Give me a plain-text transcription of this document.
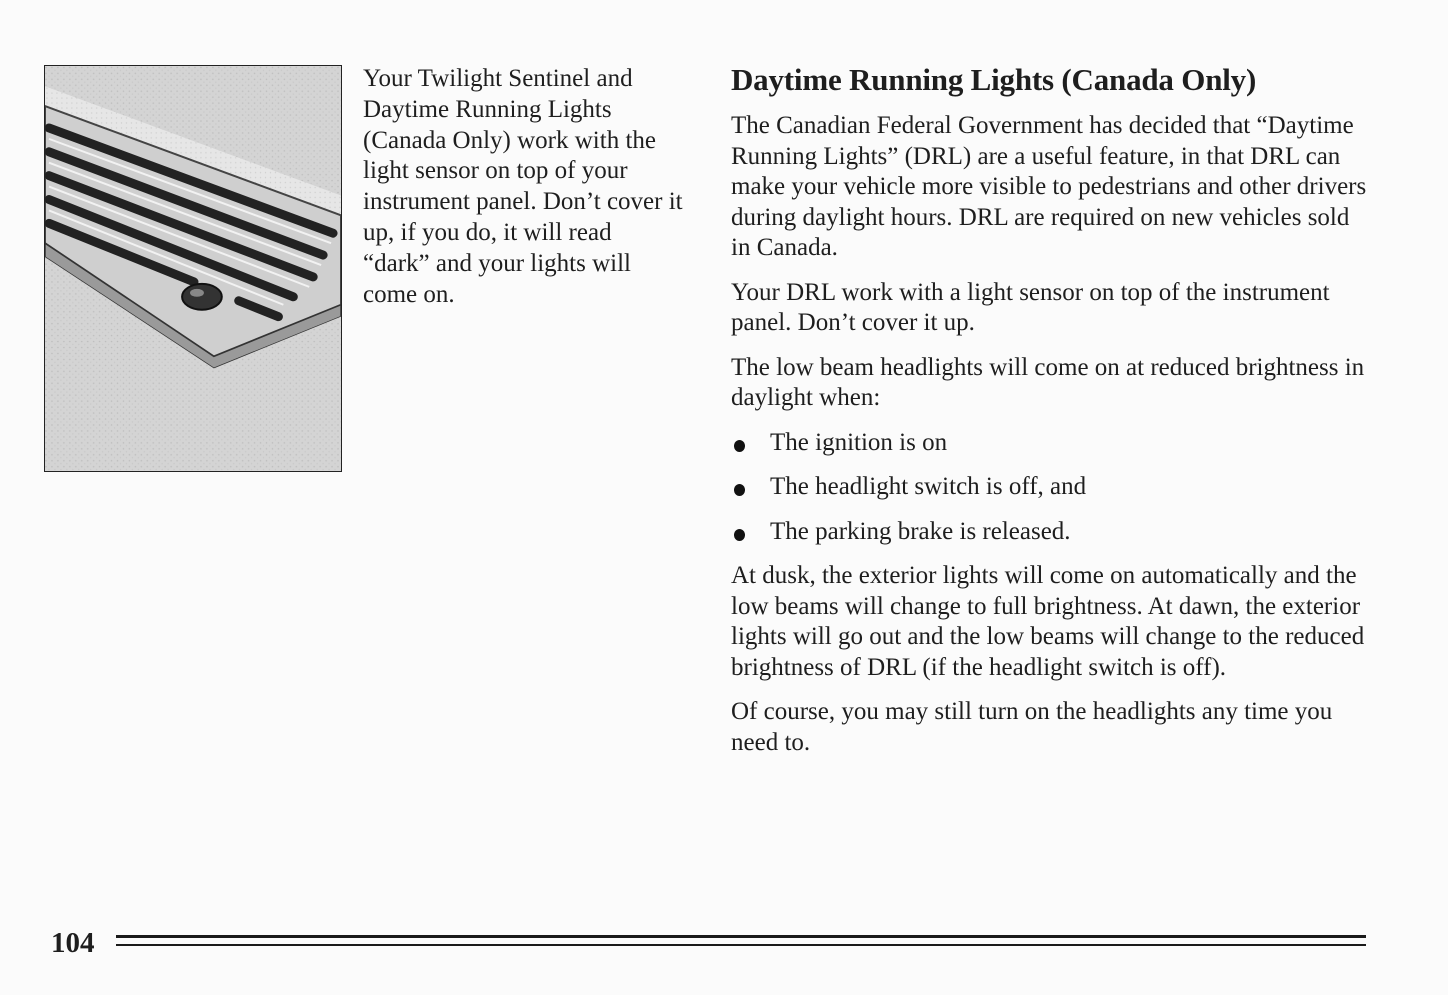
Your Twilight Sentinel and Daytime Running Lights (Canada Only) work with the light sensor on top of your instrument panel. Don’t cover it up, if you do, it will read “dark” and your lights will come on.

Daytime Running Lights (Canada Only)

The Canadian Federal Government has decided that “Daytime Running Lights” (DRL) are a useful feature, in that DRL can make your vehicle more visible to pedestrians and other drivers during daylight hours. DRL are required on new vehicles sold in Canada.

Your DRL work with a light sensor on top of the instrument panel. Don’t cover it up.

The low beam headlights will come on at reduced brightness in daylight when:

The ignition is on
The headlight switch is off, and
The parking brake is released.

At dusk, the exterior lights will come on automatically and the low beams will change to full brightness. At dawn, the exterior lights will go out and the low beams will change to the reduced brightness of DRL (if the headlight switch is off).

Of course, you may still turn on the headlights any time you need to.

104
